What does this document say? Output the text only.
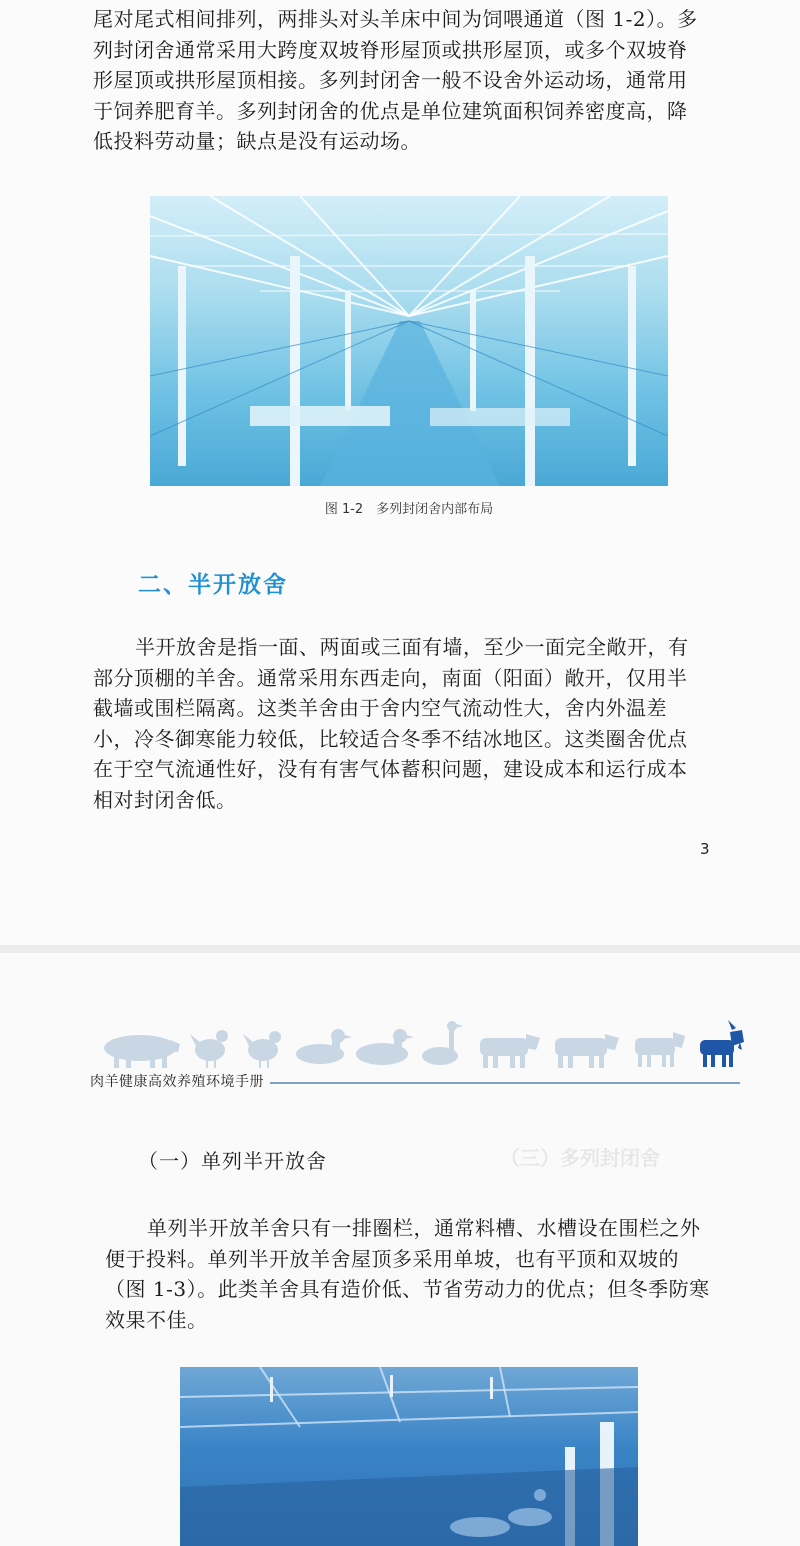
尾对尾式相间排列，两排头对头羊床中间为饲喂通道（图 1-2）。多

列封闭舍通常采用大跨度双坡脊形屋顶或拱形屋顶，或多个双坡脊

形屋顶或拱形屋顶相接。多列封闭舍一般不设舍外运动场，通常用

于饲养肥育羊。多列封闭舍的优点是单位建筑面积饲养密度高，降

低投料劳动量；缺点是没有运动场。

图 1-2　多列封闭舍内部布局
二、半开放舍

半开放舍是指一面、两面或三面有墙，至少一面完全敞开，有

部分顶棚的羊舍。通常采用东西走向，南面（阳面）敞开，仅用半

截墙或围栏隔离。这类羊舍由于舍内空气流动性大，舍内外温差

小，冷冬御寒能力较低，比较适合冬季不结冰地区。这类圈舍优点

在于空气流通性好，没有有害气体蓄积问题，建设成本和运行成本

相对封闭舍低。

3
肉羊健康高效养殖环境手册
（三）多列封闭舍
（一）单列半开放舍

单列半开放羊舍只有一排圈栏，通常料槽、水槽设在围栏之外

便于投料。单列半开放羊舍屋顶多采用单坡，也有平顶和双坡的

（图 1-3）。此类羊舍具有造价低、节省劳动力的优点；但冬季防寒

效果不佳。
